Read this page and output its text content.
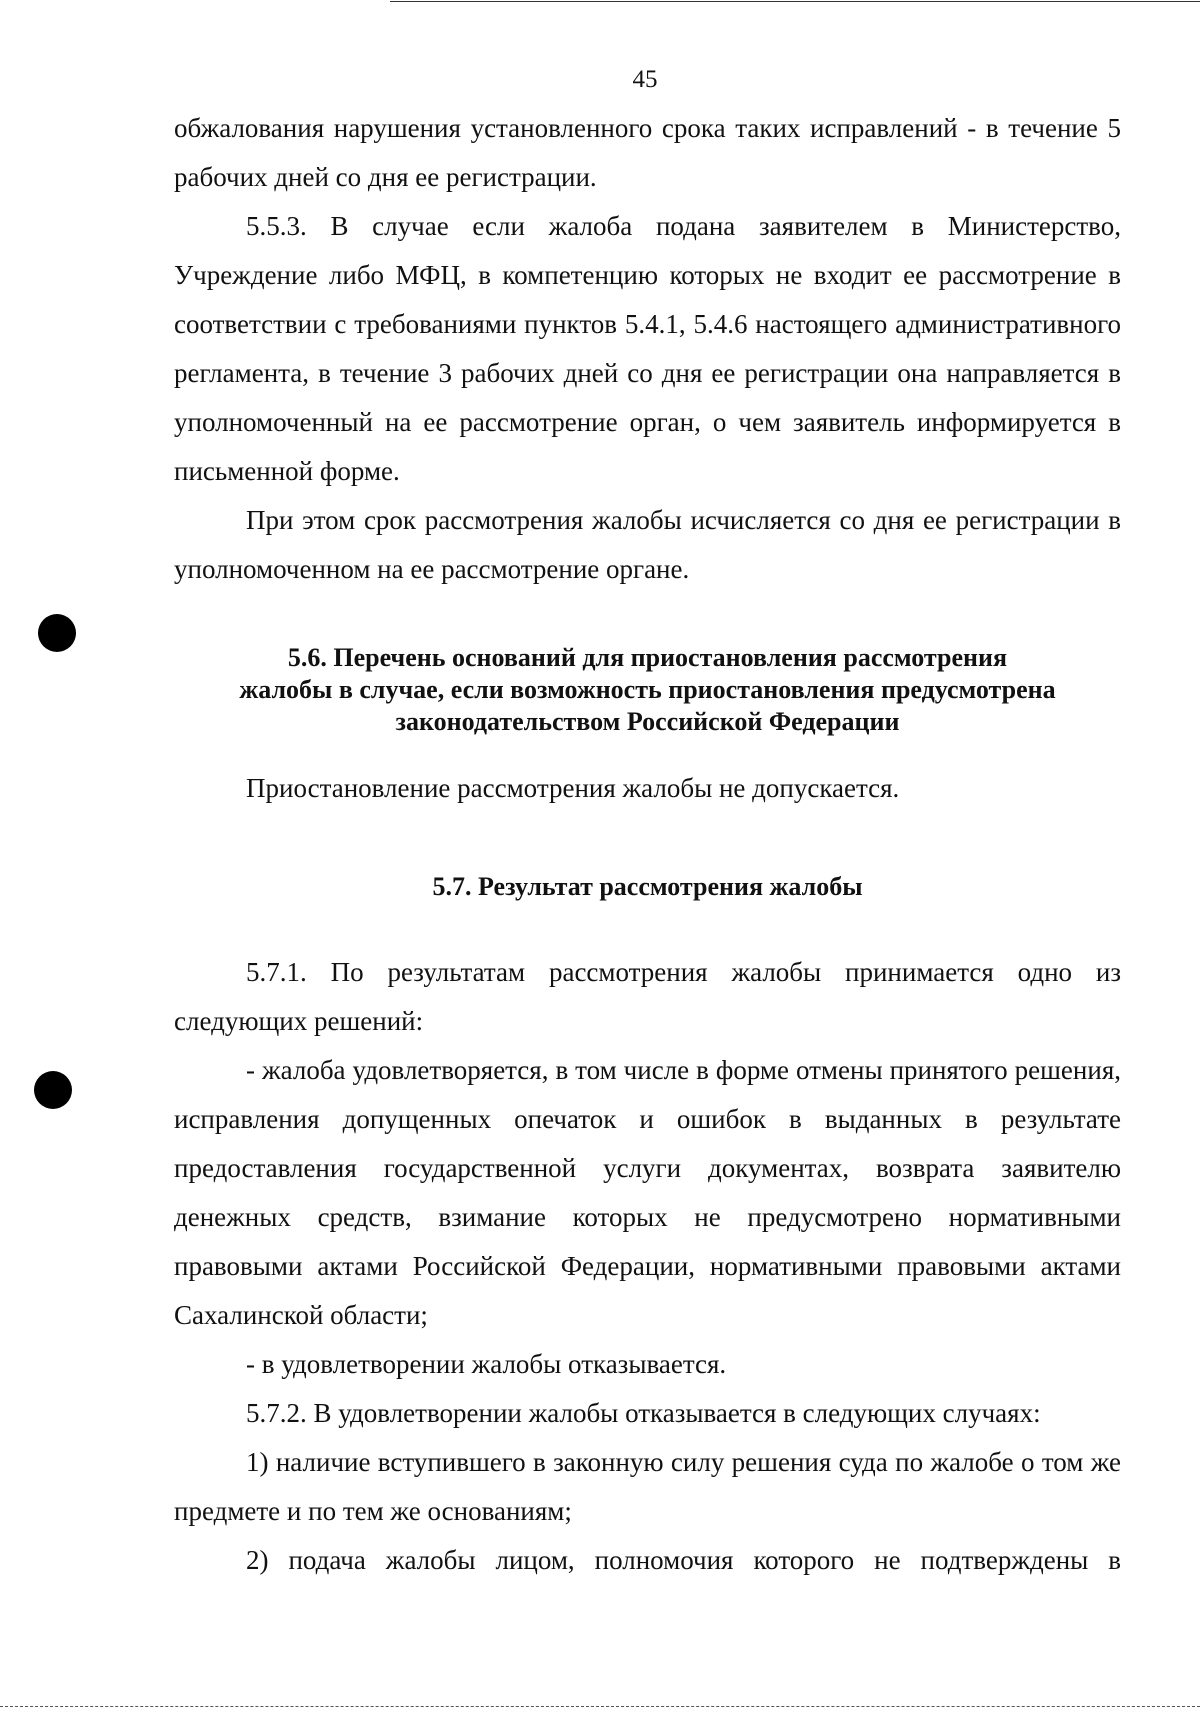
45

обжалования нарушения установленного срока таких исправлений - в течение 5 рабочих дней со дня ее регистрации.

5.5.3. В случае если жалоба подана заявителем в Министерство, Учреждение либо МФЦ, в компетенцию которых не входит ее рассмотрение в соответствии с требованиями пунктов 5.4.1, 5.4.6 настоящего административного регламента, в течение 3 рабочих дней со дня ее регистрации она направляется в уполномоченный на ее рассмотрение орган, о чем заявитель информируется в письменной форме.

При этом срок рассмотрения жалобы исчисляется со дня ее регистрации в уполномоченном на ее рассмотрение органе.

5.6. Перечень оснований для приостановления рассмотрения
жалобы в случае, если возможность приостановления предусмотрена
законодательством Российской Федерации

Приостановление рассмотрения жалобы не допускается.

5.7. Результат рассмотрения жалобы

5.7.1. По результатам рассмотрения жалобы принимается одно из следующих решений:

- жалоба удовлетворяется, в том числе в форме отмены принятого решения, исправления допущенных опечаток и ошибок в выданных в результате предоставления государственной услуги документах, возврата заявителю денежных средств, взимание которых не предусмотрено нормативными правовыми актами Российской Федерации, нормативными правовыми актами Сахалинской области;

- в удовлетворении жалобы отказывается.

5.7.2. В удовлетворении жалобы отказывается в следующих случаях:

1) наличие вступившего в законную силу решения суда по жалобе о том же предмете и по тем же основаниям;

2) подача жалобы лицом, полномочия которого не подтверждены в
